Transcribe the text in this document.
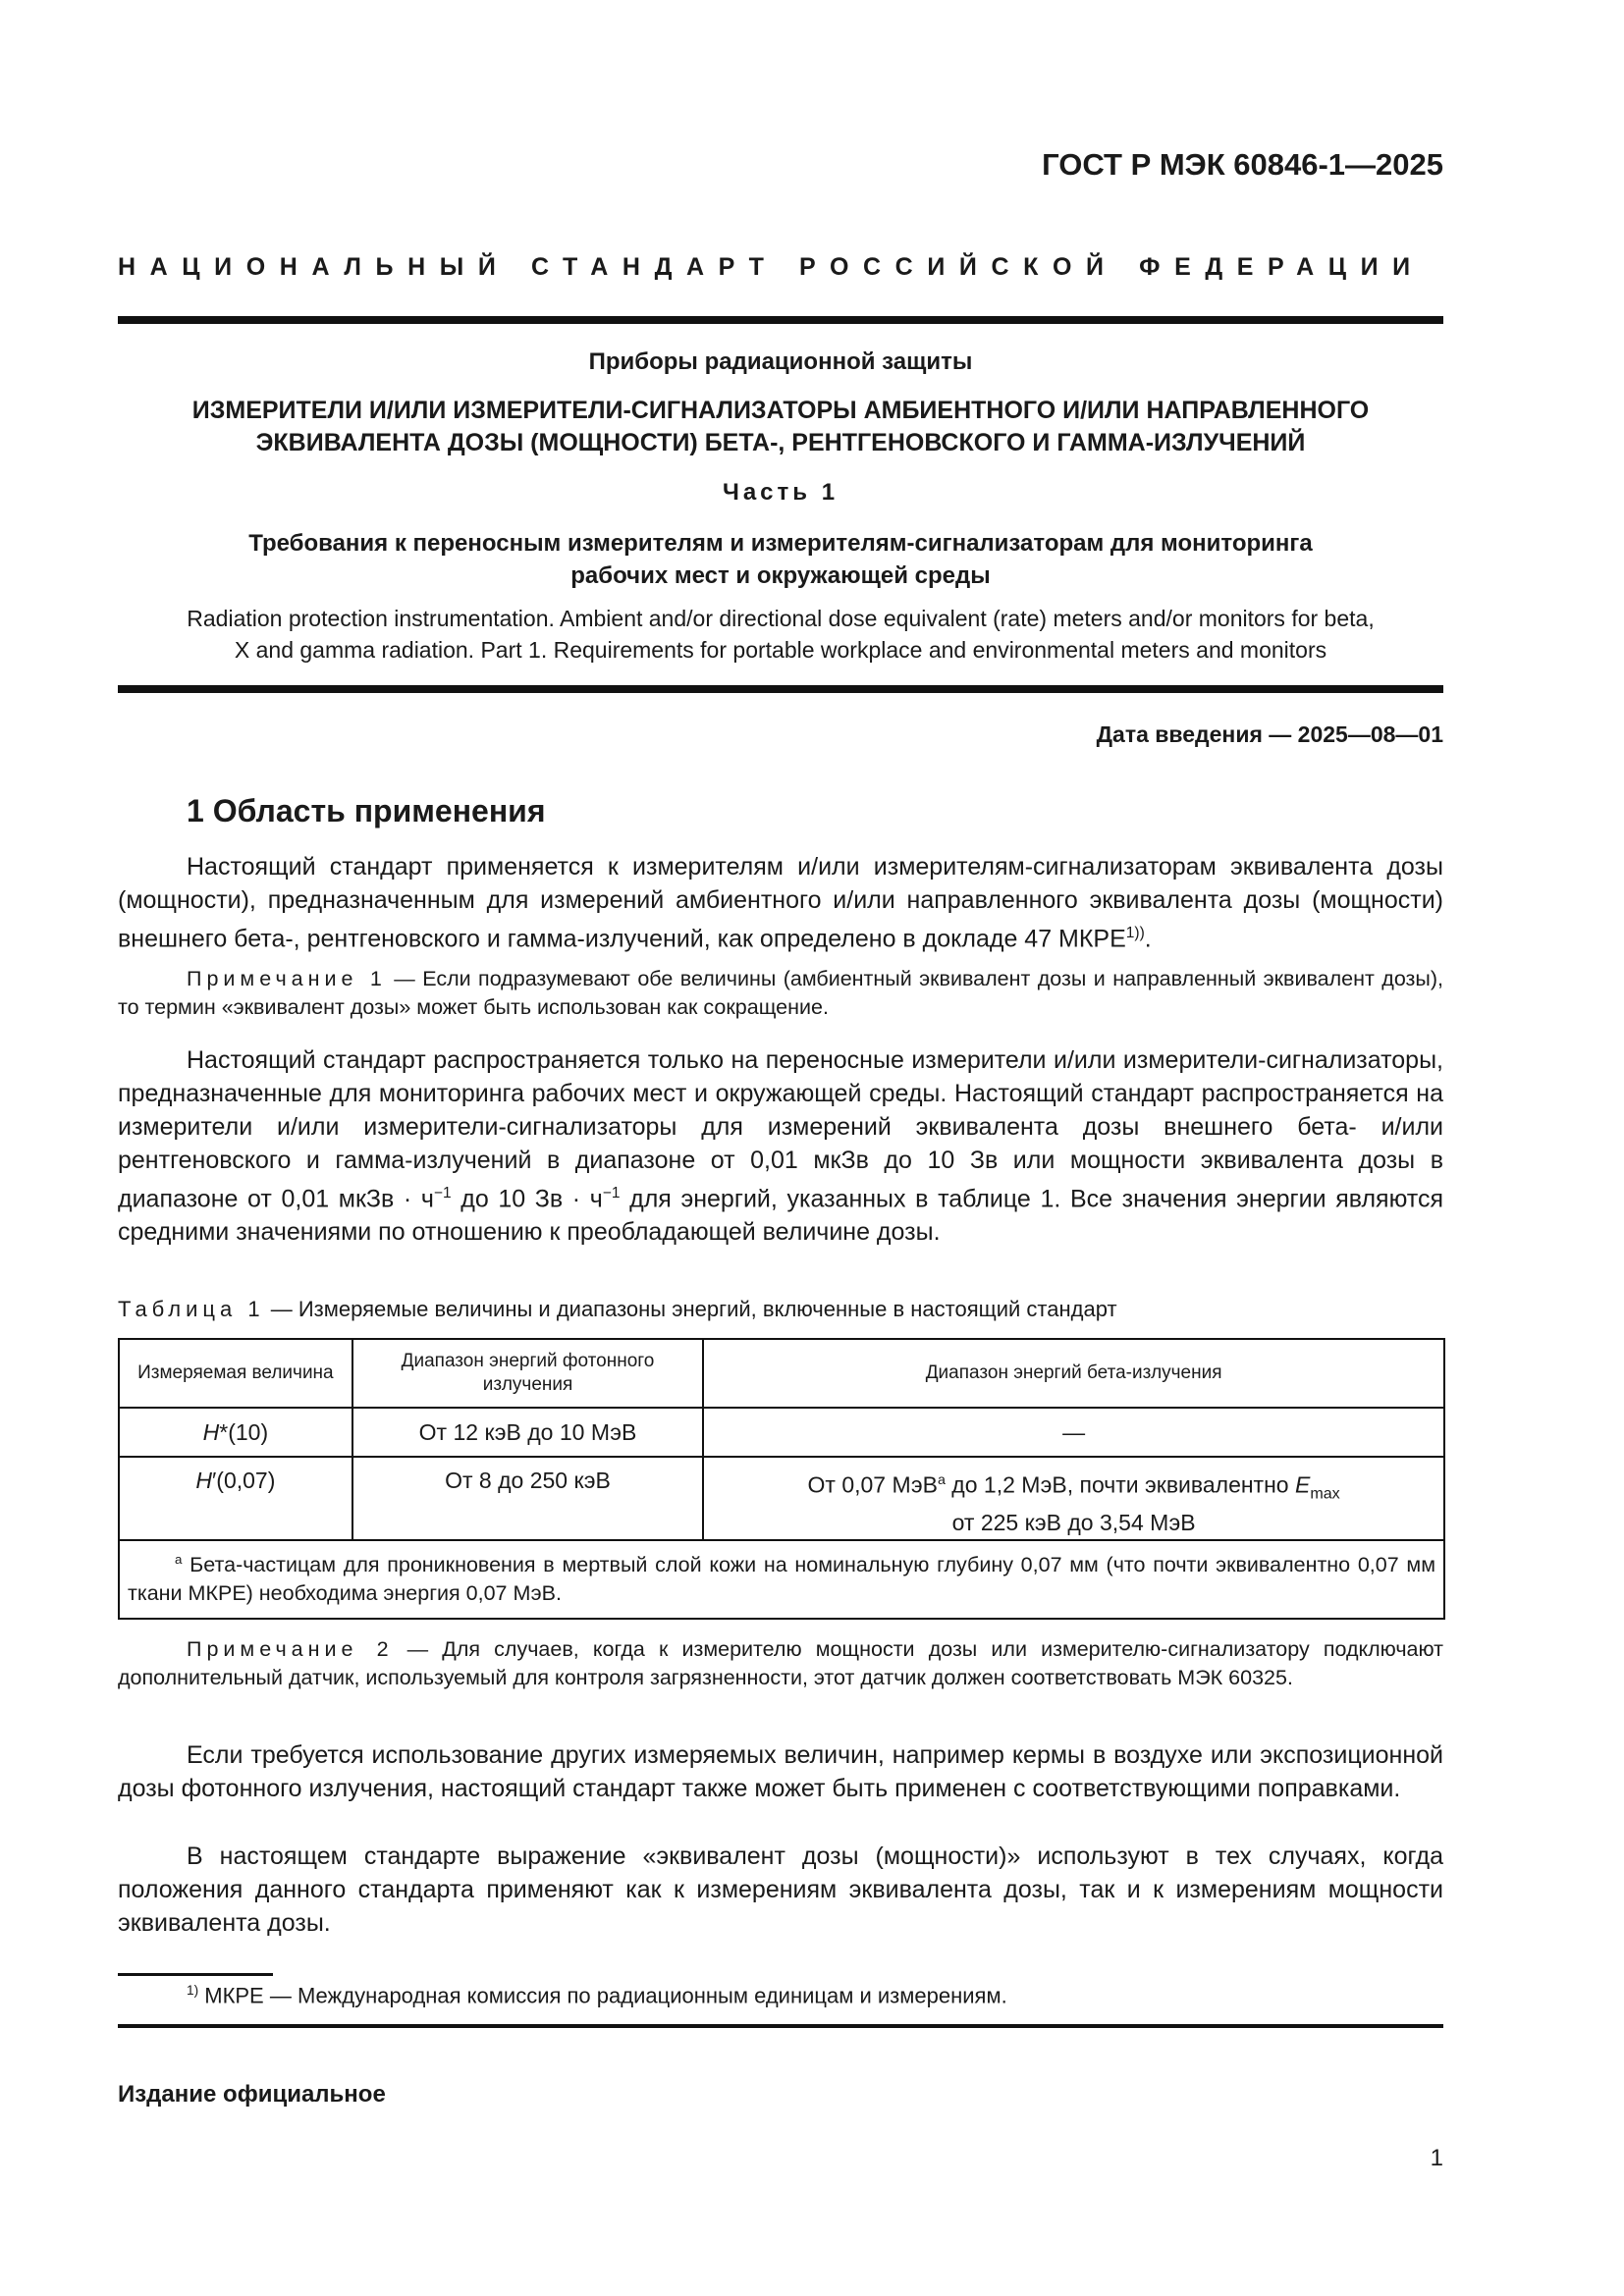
ГОСТ Р МЭК 60846-1—2025
НАЦИОНАЛЬНЫЙ СТАНДАРТ РОССИЙСКОЙ ФЕДЕРАЦИИ
Приборы радиационной защиты
ИЗМЕРИТЕЛИ И/ИЛИ ИЗМЕРИТЕЛИ-СИГНАЛИЗАТОРЫ АМБИЕНТНОГО И/ИЛИ НАПРАВЛЕННОГО
ЭКВИВАЛЕНТА ДОЗЫ (МОЩНОСТИ) БЕТА-, РЕНТГЕНОВСКОГО И ГАММА-ИЗЛУЧЕНИЙ
Часть 1
Требования к переносным измерителям и измерителям-сигнализаторам для мониторинга
рабочих мест и окружающей среды
Radiation protection instrumentation. Ambient and/or directional dose equivalent (rate) meters and/or monitors for beta,
X and gamma radiation. Part 1. Requirements for portable workplace and environmental meters and monitors
Дата введения — 2025—08—01
1 Область применения

Настоящий стандарт применяется к измерителям и/или измерителям-сигнализаторам эквивалента дозы (мощности), предназначенным для измерений амбиентного и/или направленного эквивалента дозы (мощности) внешнего бета-, рентгеновского и гамма-излучений, как определено в докладе 47 $МКРЕ^{1))}$.

Примечание 1 — Если подразумевают обе величины (амбиентный эквивалент дозы и направленный эквивалент дозы), то термин «эквивалент дозы» может быть использован как сокращение.

Настоящий стандарт распространяется только на переносные измерители и/или измерители-сигнализаторы, предназначенные для мониторинга рабочих мест и окружающей среды. Настоящий стандарт распространяется на измерители и/или измерители-сигнализаторы для измерений эквивалента дозы внешнего бета- и/или рентгеновского и гамма-излучений в диапазоне от 0,01 мкЗв до 10 Зв или мощности эквивалента дозы в диапазоне от 0,01 мкЗв · $ч^{-1}$ до 10 Зв · $ч^{-1}$ для энергий, указанных в таблице 1. Все значения энергии являются средними значениями по отношению к преобладающей величине дозы.

Таблица 1 — Измеряемые величины и диапазоны энергий, включенные в настоящий стандарт
Измеряемая величина	Диапазон энергий фотонного излучения	Диапазон энергий бета-излучения
H*(10)	От 12 кэВ до 10 МэВ	—
H′(0,07)	От 8 до 250 кэВ	От 0,07 МэВ$^а$ до 1,2 МэВ, почти эквивалентно $E_{max}$
от 225 кэВ до 3,54 МэВ
$^а$ Бета-частицам для проникновения в мертвый слой кожи на номинальную глубину 0,07 мм (что почти эквивалентно 0,07 мм ткани МКРЕ) необходима энергия 0,07 МэВ.		

Примечание 2 — Для случаев, когда к измерителю мощности дозы или измерителю-сигнализатору подключают дополнительный датчик, используемый для контроля загрязненности, этот датчик должен соответствовать МЭК 60325.

Если требуется использование других измеряемых величин, например кермы в воздухе или экспозиционной дозы фотонного излучения, настоящий стандарт также может быть применен с соответствующими поправками.

В настоящем стандарте выражение «эквивалент дозы (мощности)» используют в тех случаях, когда положения данного стандарта применяют как к измерениям эквивалента дозы, так и к измерениям мощности эквивалента дозы.

$^{1)}$ МКРЕ — Международная комиссия по радиационным единицам и измерениям.
Издание официальное
1
